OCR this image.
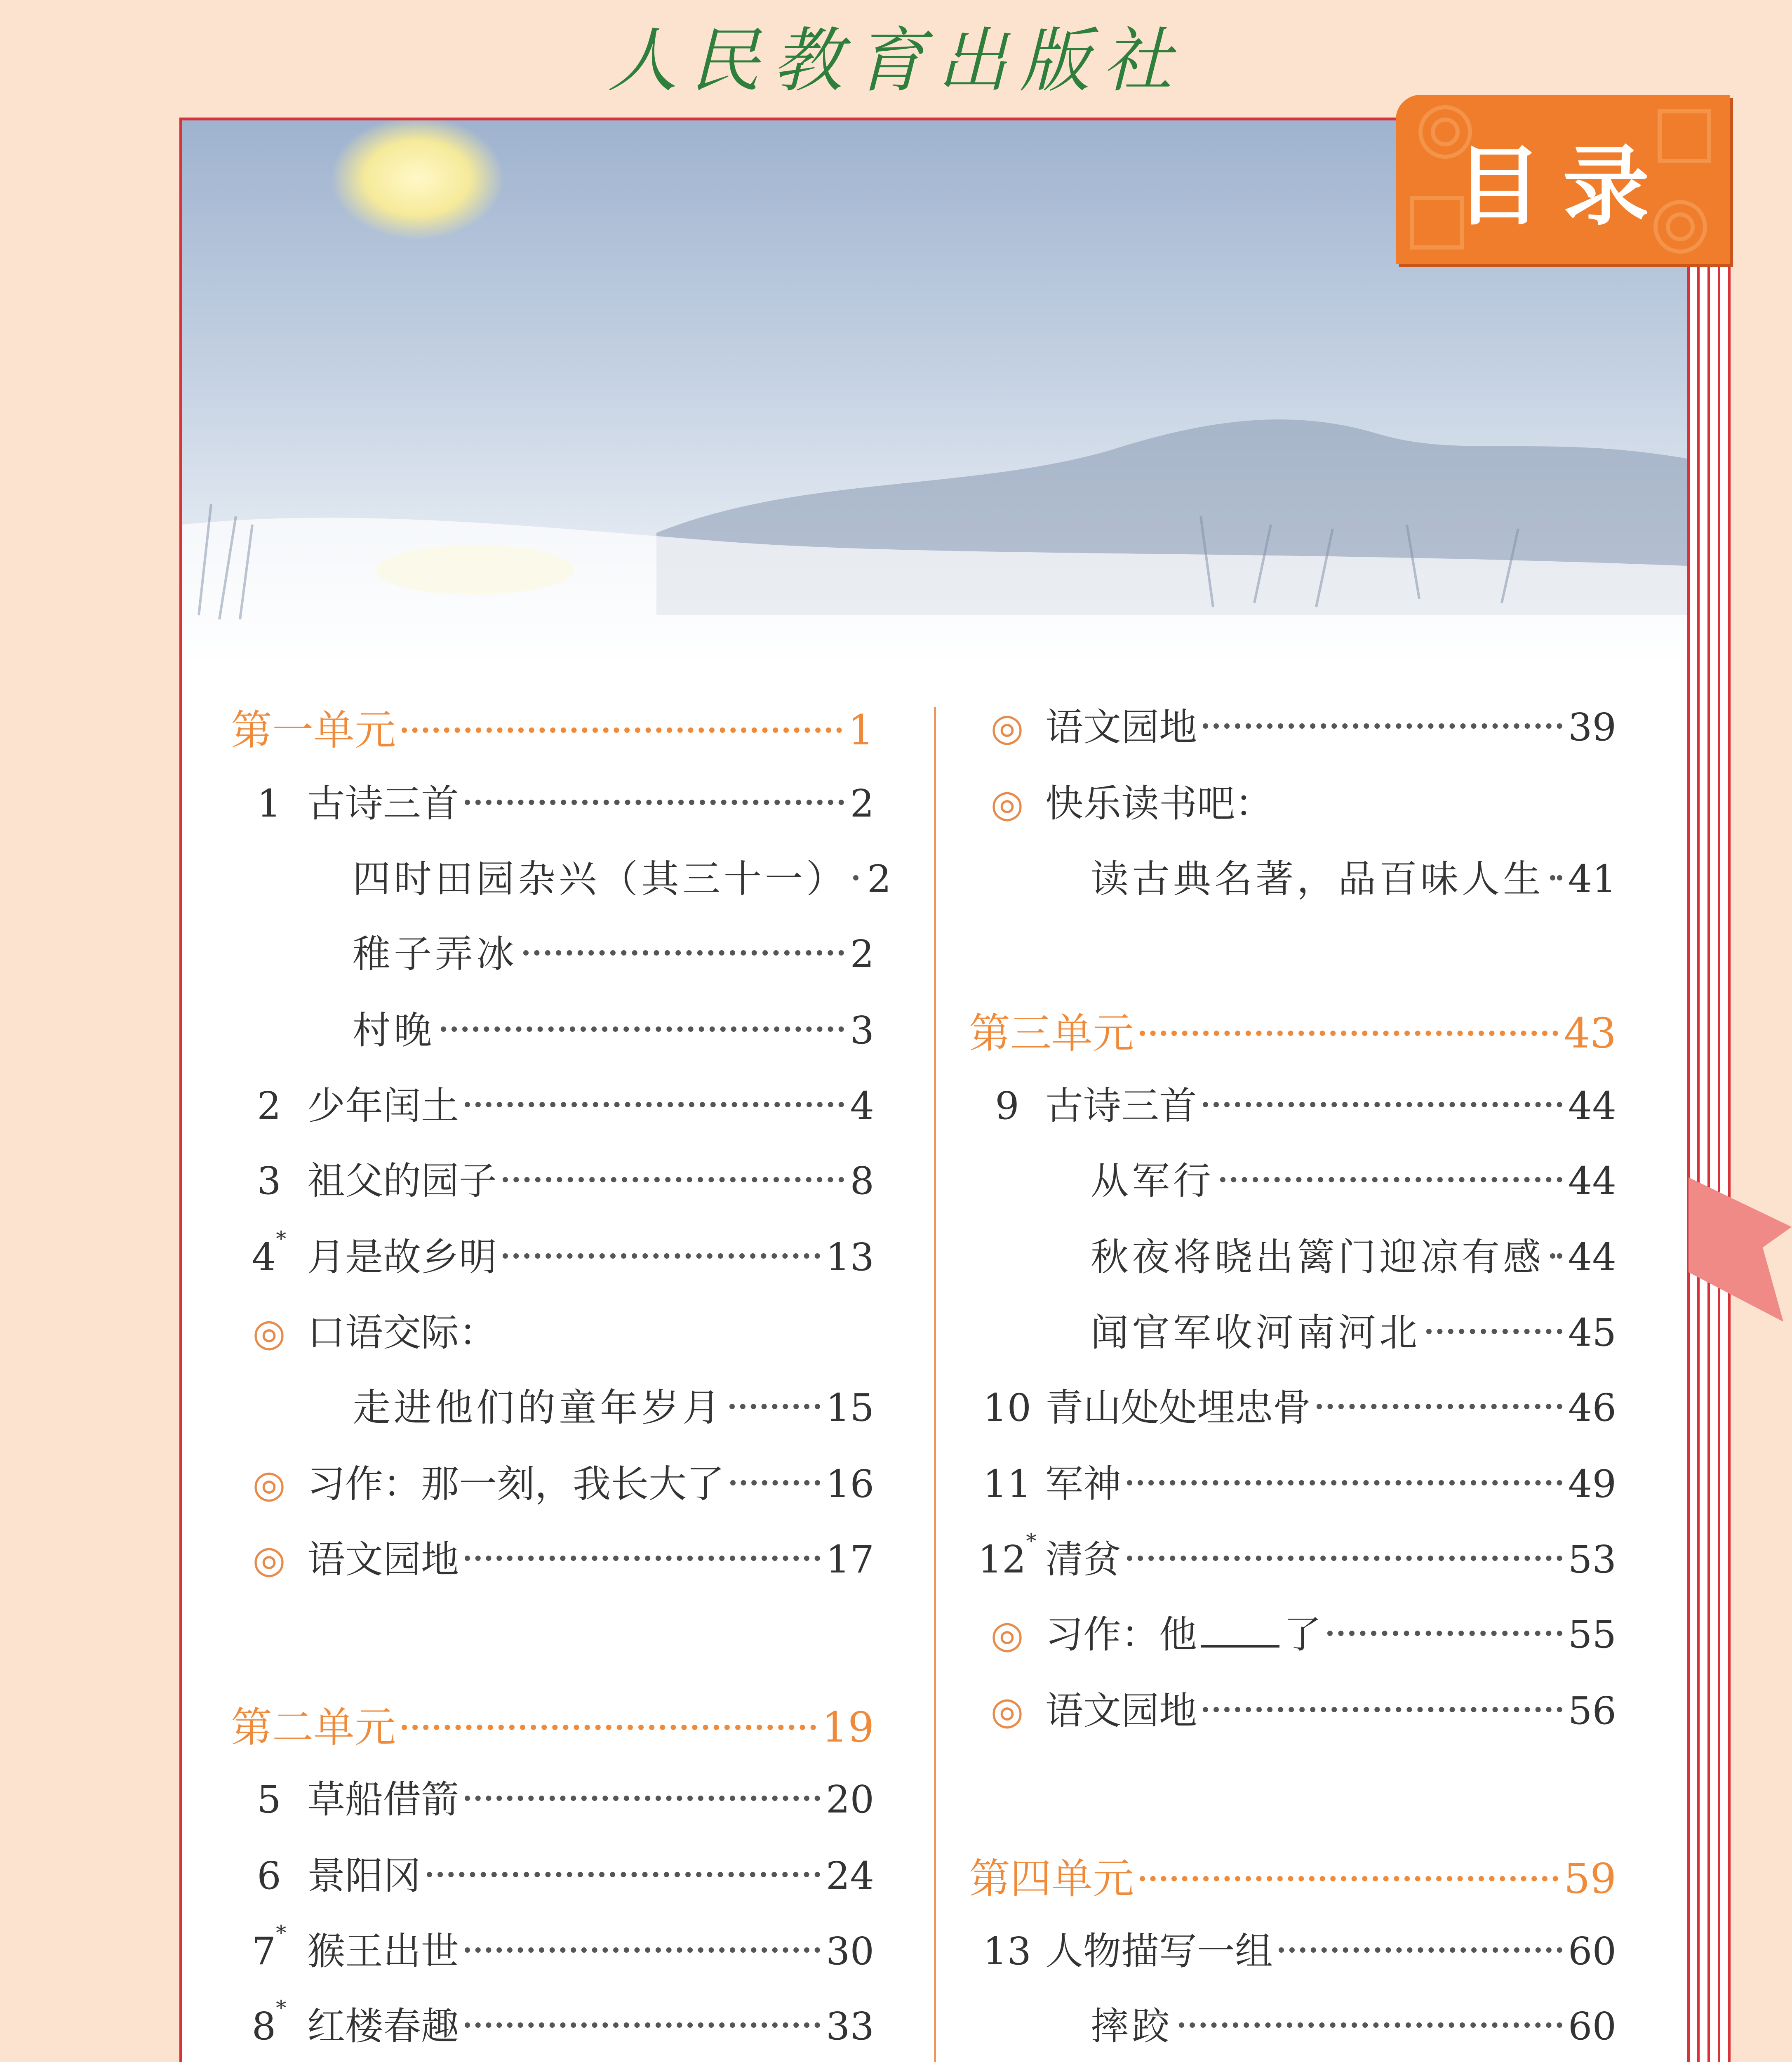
人民教育出版社
目录
第一单元	1
1 古诗三首	2
四时田园杂兴（其三十一） 2
稚子弄冰	2
村晚	3
2 少年闰土	4
3 祖父的园子	8
4* 月是故乡明	13
◎ 口语交际：
走进他们的童年岁月	15
◎ 习作：那一刻，我长大了	16
◎ 语文园地	17
第二单元	19
5 草船借箭	20
6 景阳冈	24
7* 猴王出世	30
8* 红楼春趣	33
◎ 语文园地	39
◎ 快乐读书吧：
读古典名著，品百味人生 41
第三单元	43
9 古诗三首	44
从军行	44
秋夜将晓出篱门迎凉有感 44
闻官军收河南河北	45
10 青山处处埋忠骨	46
11 军神	49
12* 清贫	53
◎ 习作：他 了	55
◎ 语文园地	56
第四单元	59
13 人物描写一组	60
摔跤	60
